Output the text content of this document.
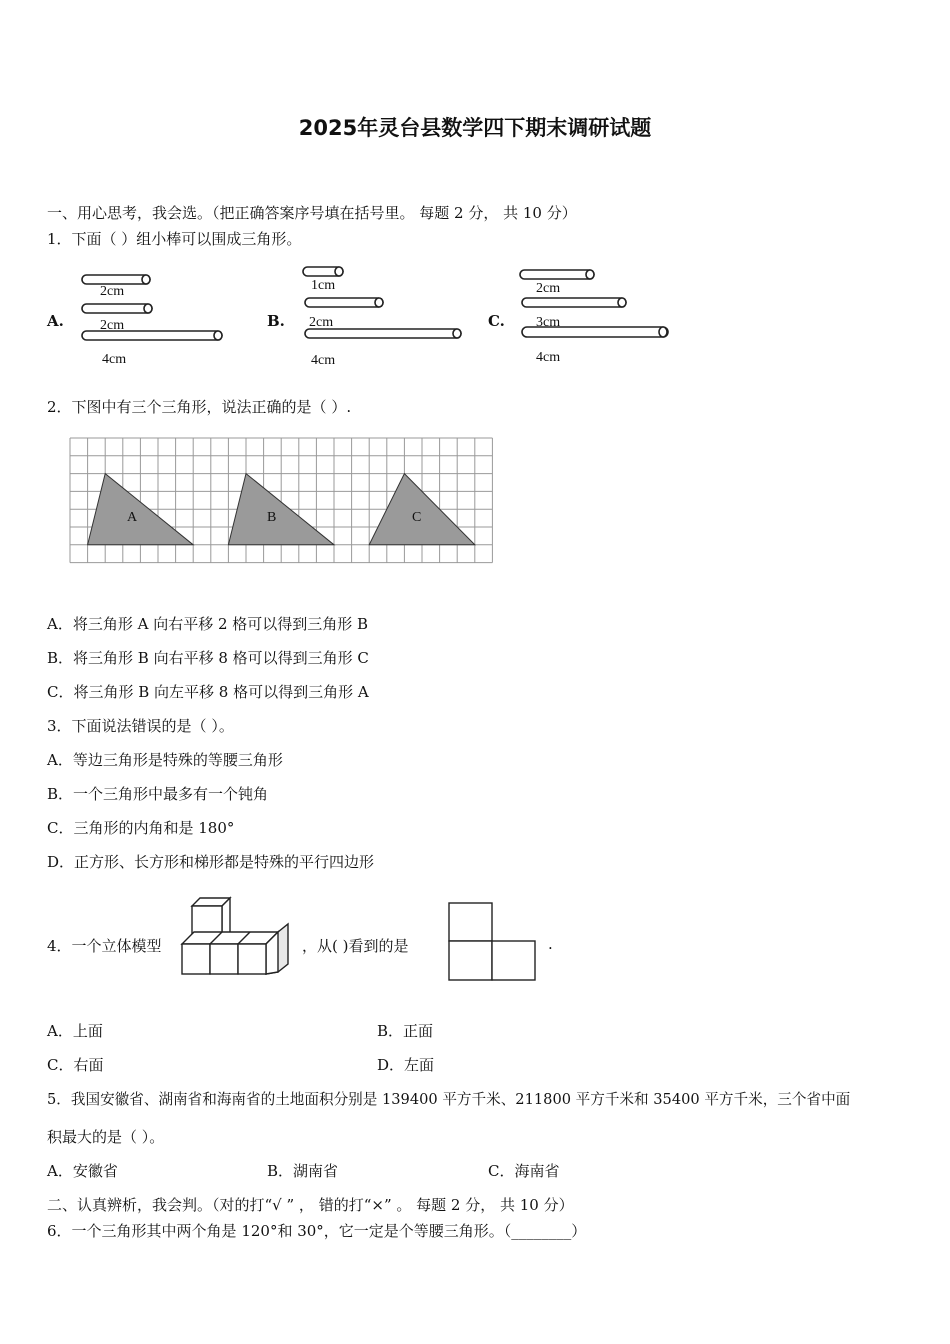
2025年灵台县数学四下期末调研试题
一、用心思考，我会选。（把正确答案序号填在括号里。 每题 2 分， 共 10 分）
1．下面（ ）组小棒可以围成三角形。
A.	B.	C.
2cm
2cm
4cm
1cm
2cm
4cm
2cm
3cm
4cm
2．下图中有三个三角形，说法正确的是（ ）.
A	B	C
A．将三角形 A 向右平移 2 格可以得到三角形 B
B．将三角形 B 向右平移 8 格可以得到三角形 C
C．将三角形 B 向左平移 8 格可以得到三角形 A
3．下面说法错误的是（ ）。
A．等边三角形是特殊的等腰三角形
B．一个三角形中最多有一个钝角
C．三角形的内角和是 180°
D．正方形、长方形和梯形都是特殊的平行四边形
4．一个立体模型	，从( )看到的是	.
A．上面	B．正面
C．右面	D．左面
5．我国安徽省、湖南省和海南省的土地面积分别是 139400 平方千米、211800 平方千米和 35400 平方千米，三个省中面
积最大的是（ ）。
A．安徽省	B．湖南省	C．海南省
二、认真辨析，我会判。（对的打“√ ” ， 错的打“×” 。 每题 2 分， 共 10 分）
6．一个三角形其中两个角是 120°和 30°，它一定是个等腰三角形。（________）
